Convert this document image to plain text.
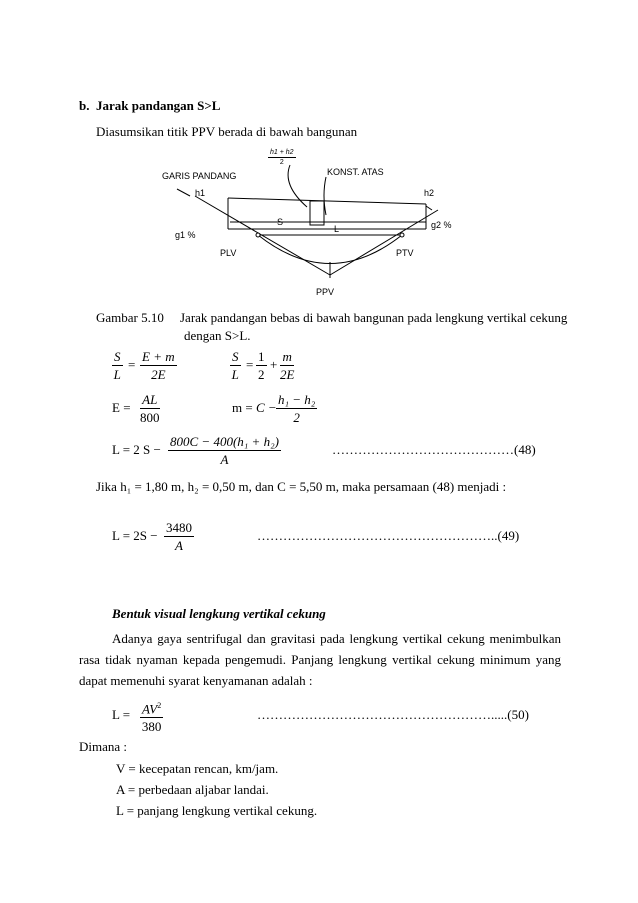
b. Jarak pandangan S>L
Diasumsikan titik PPV berada di bawah bangunan
$\frac{h1 + h2}{2}$
GARIS PANDANG	KONST. ATAS
h1	h2
S
L
g1 %
g2 %
PLV	PTV
PPV
Gambar 5.10 Jarak pandangan bebas di bawah bangunan pada lengkung vertikal cekung
dengan S>L.
$\frac{S}{L} = \frac{E + m}{2E}$	$\frac{S}{L} = \frac{1}{2} + \frac{m}{2E}$
$E = \frac{AL}{800}$	$m = C - \frac{\text{h₁ − h₂}}{2}$
L = 2 $S - \frac{\text{800C − 400(h₁ + h₂)}}{A}$	……………………………………(48)
Jika h₁ = 1,80 m, h₂ = 0,50 m, dan C = 5,50 m, maka persamaan (48) menjadi :
$L = 2S - \frac{3480}{A}$	………………………………………………..(49)
Bentuk visual lengkung vertikal cekung
Adanya gaya sentrifugal dan gravitasi pada lengkung vertikal cekung menimbulkan
rasa tidak nyaman kepada pengemudi. Panjang lengkung vertikal cekung minimum yang
dapat memenuhi syarat kenyamanan adalah :
$L = \frac{AV^2}{380}$	……………………………………………….....(50)
Dimana :
V = kecepatan rencan, km/jam.
A = perbedaan aljabar landai.
L = panjang lengkung vertikal cekung.
